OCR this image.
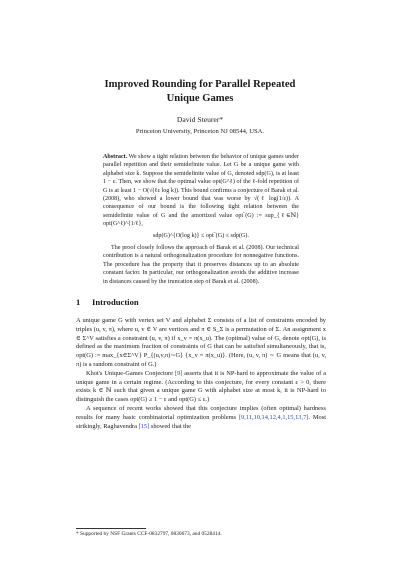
Improved Rounding for Parallel Repeated
Unique Games
David Steurer*
Princeton University, Princeton NJ 08544, USA.

Abstract. We show a tight relation between the behavior of unique games under parallel repetition and their semidefinite value. Let G be a unique game with alphabet size k. Suppose the semidefinite value of G, denoted sdp(G), is at least 1 − ε. Then, we show that the optimal value opt(G^ℓ) of the ℓ-fold repetition of G is at least 1 − O(√(ℓε log k)). This bound confirms a conjecture of Barak et al. (2008), who showed a lower bound that was worse by √(ℓ log(1/ε)). A consequence of our bound is the following tight relation between the semidefinite value of G and the amortized value opt‾(G) := sup_{ℓ∈ℕ} opt(G^ℓ)^{1/ℓ},

sdp(G)^{O(log k)} ≤ opt‾(G) ≤ sdp(G).

The proof closely follows the approach of Barak et al. (2008). Our technical contribution is a natural orthogonalization procedure for nonnegative functions. The procedure has the property that it preserves distances up to an absolute constant factor. In particular, our orthogonalization avoids the additive increase in distances caused by the truncation step of Barak et al. (2008).

1 Introduction

A unique game G with vertex set V and alphabet Σ consists of a list of constraints encoded by triples (u, v, π), where u, v ∈ V are vertices and π ∈ S_Σ is a permutation of Σ. An assignment x ∈ Σ^V satisfies a constraint (u, v, π) if x_v = π(x_u). The (optimal) value of G, denote opt(G), is defined as the maximum fraction of constraints of G that can be satisfied simultaneously, that is, opt(G) := max_{x∈Σ^V} P_{(u,v,π)∼G} {x_v = π(x_u)}. (Here, (u, v, π) ∼ G means that (u, v, π) is a random constraint of G.)

Khot's Unique-Games Conjecture [9] asserts that it is NP-hard to approximate the value of a unique game in a certain regime. (According to this conjecture, for every constant ε > 0, there exists k ∈ ℕ such that given a unique game G with alphabet size at most k, it is NP-hard to distinguish the cases opt(G) ≥ 1 − ε and opt(G) ≤ ε.)

A sequence of recent works showed that this conjecture implies (often optimal) hardness results for many basic combinatorial optimization problems [9,11,10,14,12,4,1,15,13,7]. Most strikingly, Raghavendra [15] showed that the

* Supported by NSF Grants CCF-0832797, 0830673, and 0528414.
